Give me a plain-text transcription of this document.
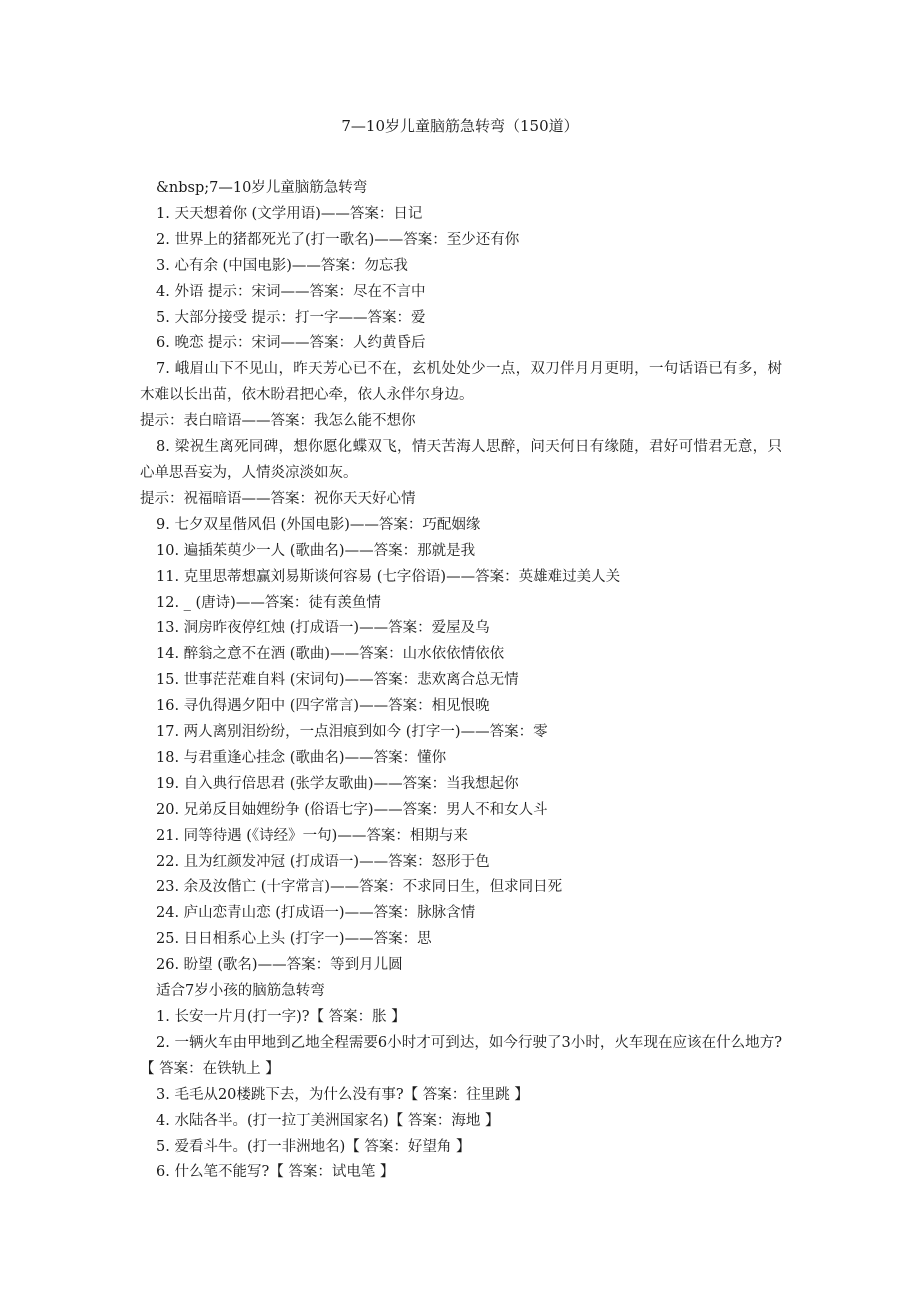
7—10岁儿童脑筋急转弯（150道）
&nbsp;7—10岁儿童脑筋急转弯
1. 天天想着你 (文学用语)——答案：日记
2. 世界上的猪都死光了(打一歌名)——答案：至少还有你
3. 心有余 (中国电影)——答案：勿忘我
4. 外语 提示：宋词——答案：尽在不言中
5. 大部分接受 提示：打一字——答案：爱
6. 晚恋 提示：宋词——答案：人约黄昏后
7. 峨眉山下不见山，昨天芳心已不在，玄机处处少一点，双刀伴月月更明，一句话语已有多，树木难以长出苗，依木盼君把心牵，依人永伴尔身边。
提示：表白暗语——答案：我怎么能不想你
8. 梁祝生离死同碑，想你愿化蝶双飞，情天苦海人思醉，问天何日有缘随，君好可惜君无意，只心单思吾妄为，人情炎凉淡如灰。
提示：祝福暗语——答案：祝你天天好心情
9. 七夕双星偕风侣 (外国电影)——答案：巧配姻缘
10. 遍插茱萸少一人 (歌曲名)——答案：那就是我
11. 克里思蒂想赢刘易斯谈何容易 (七字俗语)——答案：英雄难过美人关
12. _ (唐诗)——答案：徒有羡鱼情
13. 洞房昨夜停红烛 (打成语一)——答案：爱屋及乌
14. 醉翁之意不在酒 (歌曲)——答案：山水依依情依依
15. 世事茫茫难自料 (宋词句)——答案：悲欢离合总无情
16. 寻仇得遇夕阳中 (四字常言)——答案：相见恨晚
17. 两人离别泪纷纷，一点泪痕到如今 (打字一)——答案：零
18. 与君重逢心挂念 (歌曲名)——答案：懂你
19. 自入典行倍思君 (张学友歌曲)——答案：当我想起你
20. 兄弟反目妯娌纷争 (俗语七字)——答案：男人不和女人斗
21. 同等待遇 (《诗经》一句)——答案：相期与来
22. 且为红颜发冲冠 (打成语一)——答案：怒形于色
23. 余及汝偕亡 (十字常言)——答案：不求同日生，但求同日死
24. 庐山恋青山恋 (打成语一)——答案：脉脉含情
25. 日日相系心上头 (打字一)——答案：思
26. 盼望 (歌名)——答案：等到月儿圆
适合7岁小孩的脑筋急转弯
1. 长安一片月(打一字)?【 答案：胀 】
2. 一辆火车由甲地到乙地全程需要6小时才可到达，如今行驶了3小时，火车现在应该在什么地方?【 答案：在铁轨上 】
3. 毛毛从20楼跳下去，为什么没有事?【 答案：往里跳 】
4. 水陆各半。(打一拉丁美洲国家名)【 答案：海地 】
5. 爱看斗牛。(打一非洲地名)【 答案：好望角 】
6. 什么笔不能写?【 答案：试电笔 】
